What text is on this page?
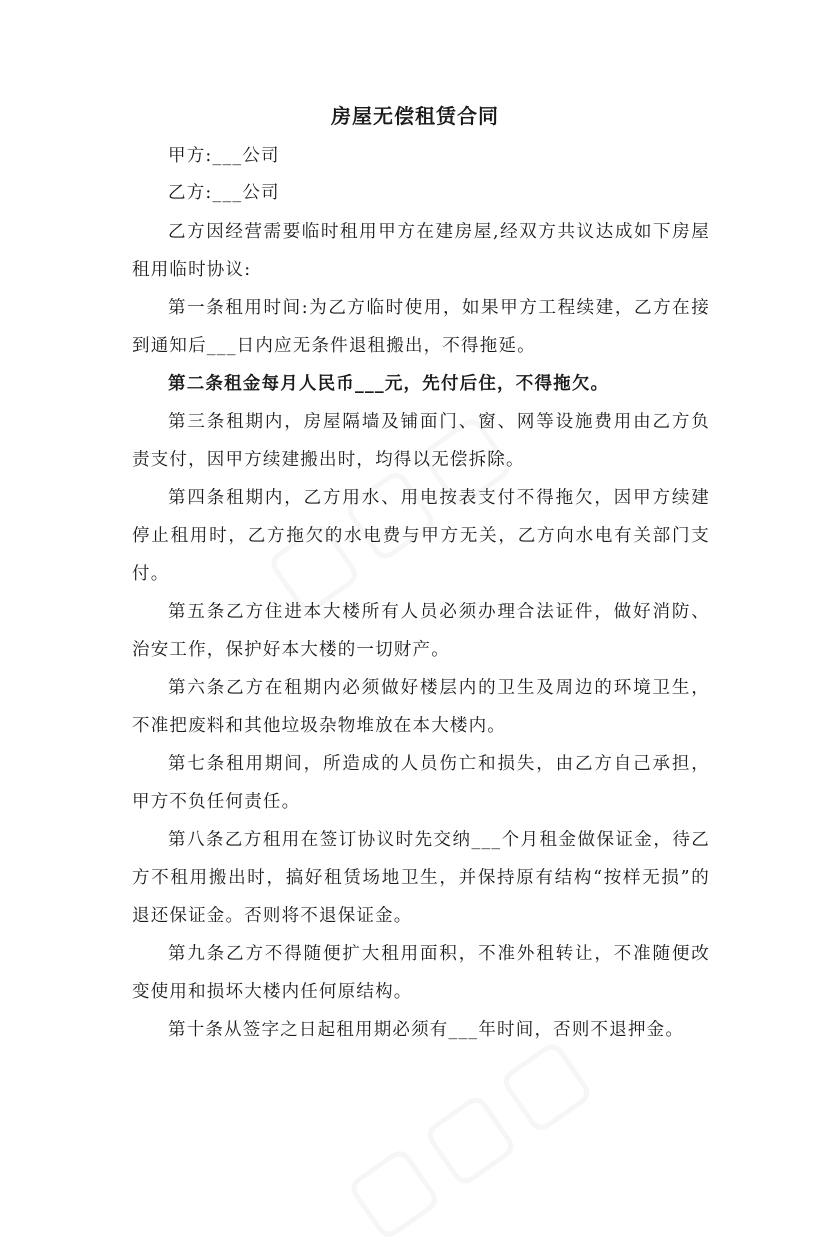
房屋无偿租赁合同

甲方:___公司

乙方:___公司

乙方因经营需要临时租用甲方在建房屋,经双方共议达成如下房屋租用临时协议:

第一条租用时间:为乙方临时使用，如果甲方工程续建，乙方在接到通知后___日内应无条件退租搬出，不得拖延。

第二条租金每月人民币___元，先付后住，不得拖欠。

第三条租期内，房屋隔墙及铺面门、窗、网等设施费用由乙方负责支付，因甲方续建搬出时，均得以无偿拆除。

第四条租期内，乙方用水、用电按表支付不得拖欠，因甲方续建停止租用时，乙方拖欠的水电费与甲方无关，乙方向水电有关部门支付。

第五条乙方住进本大楼所有人员必须办理合法证件，做好消防、治安工作，保护好本大楼的一切财产。

第六条乙方在租期内必须做好楼层内的卫生及周边的环境卫生，不准把废料和其他垃圾杂物堆放在本大楼内。

第七条租用期间，所造成的人员伤亡和损失，由乙方自己承担，甲方不负任何责任。

第八条乙方租用在签订协议时先交纳___个月租金做保证金，待乙方不租用搬出时，搞好租赁场地卫生，并保持原有结构“按样无损”的退还保证金。否则将不退保证金。

第九条乙方不得随便扩大租用面积，不准外租转让，不准随便改变使用和损坏大楼内任何原结构。

第十条从签字之日起租用期必须有___年时间，否则不退押金。
